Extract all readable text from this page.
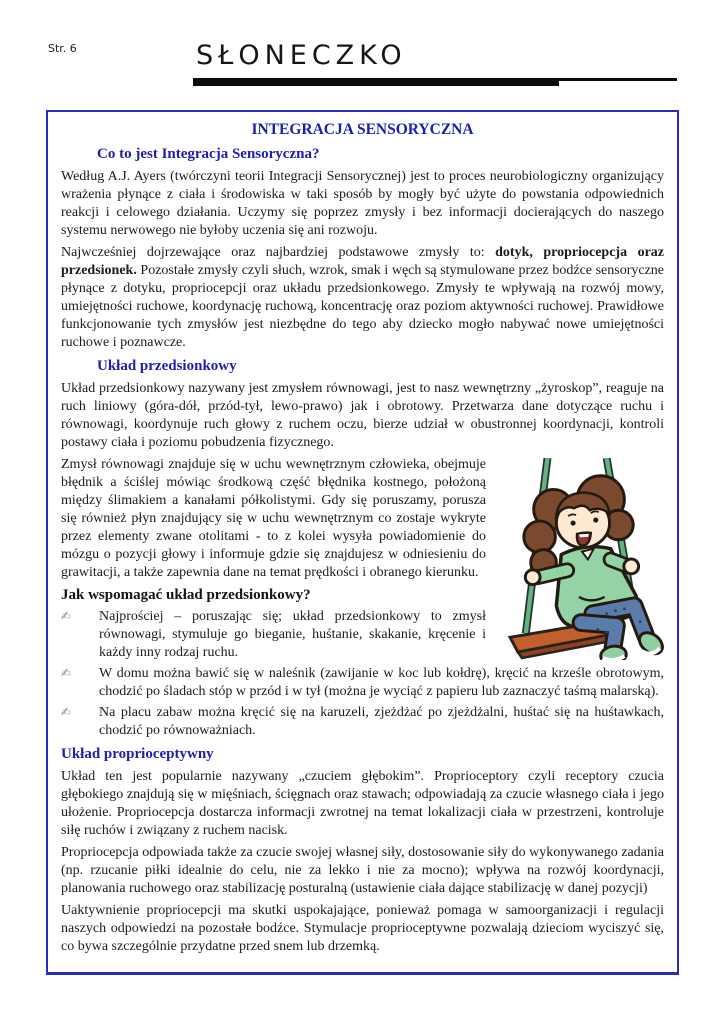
Str. 6	SŁONECZKO
INTEGRACJA SENSORYCZNA
Co to jest Integracja Sensoryczna?

Według A.J. Ayers (twórczyni teorii Integracji Sensorycznej) jest to proces neurobiologiczny organizujący wrażenia płynące z ciała i środowiska w taki sposób by mogły być użyte do powstania odpowiednich reakcji i celowego działania. Uczymy się poprzez zmysły i bez informacji docierających do naszego systemu nerwowego nie byłoby uczenia się ani rozwoju.

Najwcześniej dojrzewające oraz najbardziej podstawowe zmysły to: dotyk, propriocepcja oraz przedsionek. Pozostałe zmysły czyli słuch, wzrok, smak i węch są stymulowane przez bodźce sensoryczne płynące z dotyku, propriocepcji oraz układu przedsionkowego. Zmysły te wpływają na rozwój mowy, umiejętności ruchowe, koordynację ruchową, koncentrację oraz poziom aktywności ruchowej. Prawidłowe funkcjonowanie tych zmysłów jest niezbędne do tego aby dziecko mogło nabywać nowe umiejętności ruchowe i poznawcze.

Układ przedsionkowy

Układ przedsionkowy nazywany jest zmysłem równowagi, jest to nasz wewnętrzny „żyroskop”, reaguje na ruch liniowy (góra-dół, przód-tył, lewo-prawo) jak i obrotowy. Przetwarza dane dotyczące ruchu i równowagi, koordynuje ruch głowy z ruchem oczu, bierze udział w obustronnej koordynacji, kontroli postawy ciała i poziomu pobudzenia fizycznego.

Zmysł równowagi znajduje się w uchu wewnętrznym człowieka, obejmuje błędnik a ściślej mówiąc środkową część błędnika kostnego, położoną między ślimakiem a kanałami półkolistymi. Gdy się poruszamy, porusza się również płyn znajdujący się w uchu wewnętrznym co zostaje wykryte przez elementy zwane otolitami - to z kolei wysyła powiadomienie do mózgu o pozycji głowy i informuje gdzie się znajdujesz w odniesieniu do grawitacji, a także zapewnia dane na temat prędkości i obranego kierunku.

Jak wspomagać układ przedsionkowy?
✍ Najprościej – poruszając się; układ przedsionkowy to zmysł równowagi, stymuluje go bieganie, huśtanie, skakanie, kręcenie i każdy inny rodzaj ruchu.
✍ W domu można bawić się w naleśnik (zawijanie w koc lub kołdrę), kręcić na krześle obrotowym, chodzić po śladach stóp w przód i w tył (można je wyciąć z papieru lub zaznaczyć taśmą malarską).
✍ Na placu zabaw można kręcić się na karuzeli, zjeżdżać po zjeżdżalni, huśtać się na huśtawkach, chodzić po równoważniach.
Układ proprioceptywny

Układ ten jest popularnie nazywany „czuciem głębokim”. Proprioceptory czyli receptory czucia głębokiego znajdują się w mięśniach, ścięgnach oraz stawach; odpowiadają za czucie własnego ciała i jego ułożenie. Propriocepcja dostarcza informacji zwrotnej na temat lokalizacji ciała w przestrzeni, kontroluje siłę ruchów i związany z ruchem nacisk.

Propriocepcja odpowiada także za czucie swojej własnej siły, dostosowanie siły do wykonywanego zadania (np. rzucanie piłki idealnie do celu, nie za lekko i nie za mocno); wpływa na rozwój koordynacji, planowania ruchowego oraz stabilizację posturalną (ustawienie ciała dające stabilizację w danej pozycji)

Uaktywnienie propriocepcji ma skutki uspokajające, ponieważ pomaga w samoorganizacji i regulacji naszych odpowiedzi na pozostałe bodźce. Stymulacje proprioceptywne pozwalają dzieciom wyciszyć się, co bywa szczególnie przydatne przed snem lub drzemką.
